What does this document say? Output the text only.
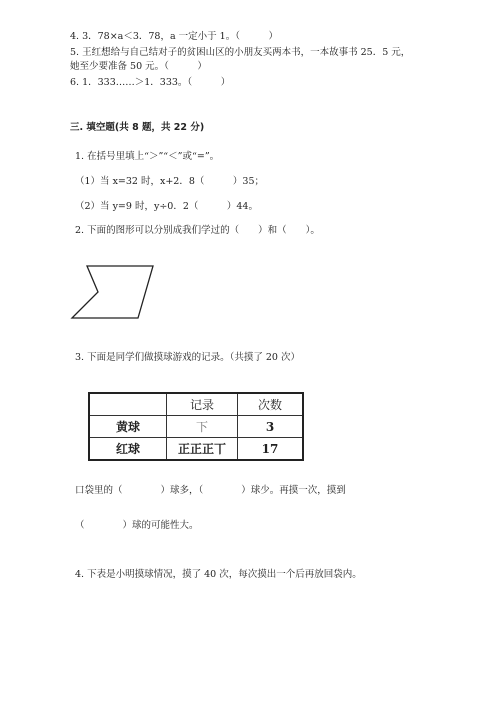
4. 3．78×a＜3．78，a 一定小于 1。（　　　）
5. 王红想给与自己结对子的贫困山区的小朋友买两本书，一本故事书 25．5 元，
她至少要准备 50 元。（　　　）
6. 1．333……＞1．333。（　　　）
三. 填空题(共 8 题，共 22 分)
1. 在括号里填上“＞”“＜”或“=”。
（1）当 x=32 时，x+2．8（　　　）35；
（2）当 y=9 时，y÷0．2（　　　）44。
2. 下面的图形可以分别成我们学过的（　　）和（　　）。
3. 下面是同学们做摸球游戏的记录。（共摸了 20 次）
	记录	次数
黄球	下	3
红球	正正正丅	17
口袋里的（　　　　）球多，（　　　　）球少。再摸一次，摸到
（　　　　）球的可能性大。
4. 下表是小明摸球情况，摸了 40 次，每次摸出一个后再放回袋内。
